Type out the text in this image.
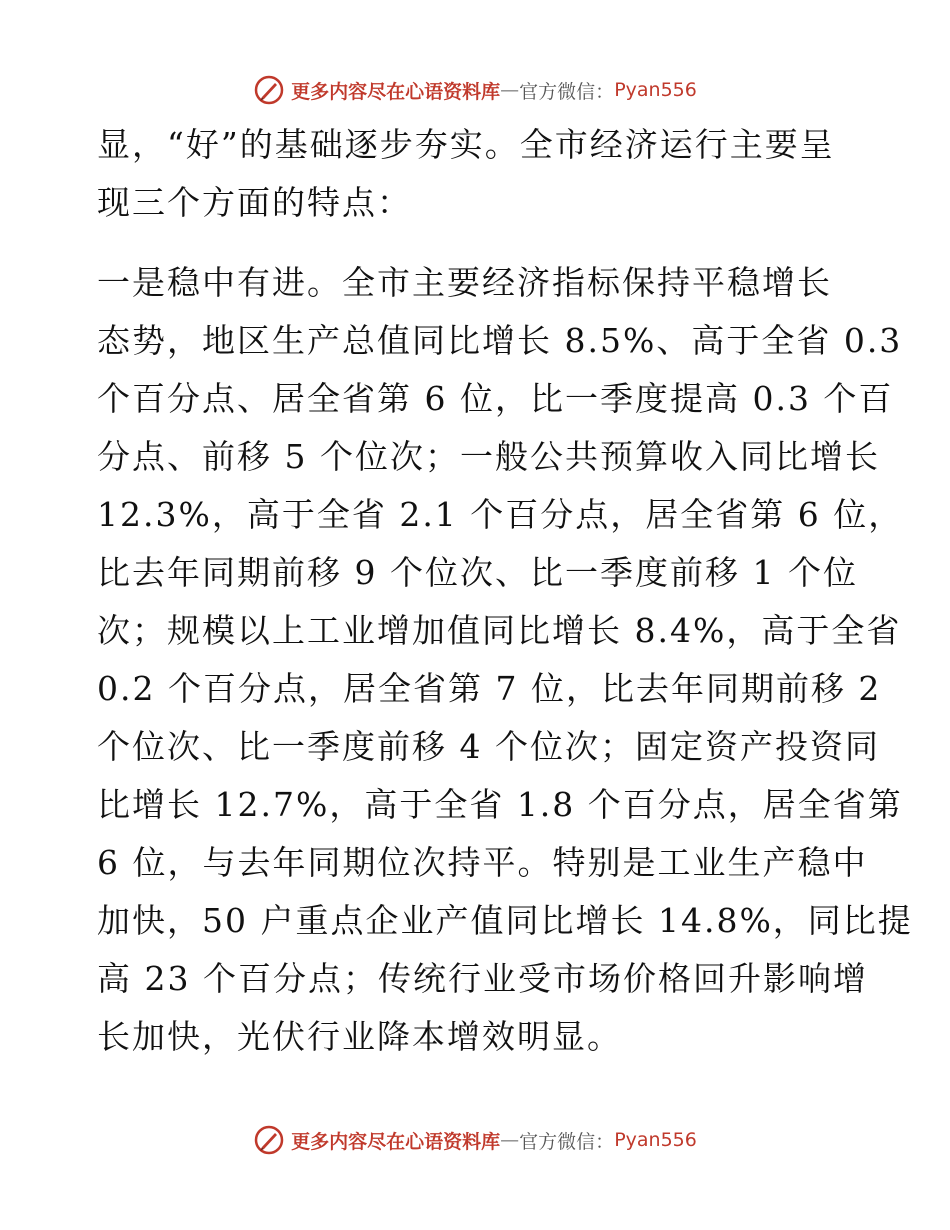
更多内容尽在心语资料库 — 官方微信： Pyan556
显，“好”的基础逐步夯实。全市经济运行主要呈
现三个方面的特点：
一是稳中有进。全市主要经济指标保持平稳增长
态势，地区生产总值同比增长 8.5%、高于全省 0.3
个百分点、居全省第 6 位，比一季度提高 0.3 个百
分点、前移 5 个位次；一般公共预算收入同比增长
12.3%，高于全省 2.1 个百分点，居全省第 6 位，
比去年同期前移 9 个位次、比一季度前移 1 个位
次；规模以上工业增加值同比增长 8.4%，高于全省
0.2 个百分点，居全省第 7 位，比去年同期前移 2
个位次、比一季度前移 4 个位次；固定资产投资同
比增长 12.7%，高于全省 1.8 个百分点，居全省第
6 位，与去年同期位次持平。特别是工业生产稳中
加快，50 户重点企业产值同比增长 14.8%，同比提
高 23 个百分点；传统行业受市场价格回升影响增
长加快，光伏行业降本增效明显。
更多内容尽在心语资料库 — 官方微信： Pyan556
